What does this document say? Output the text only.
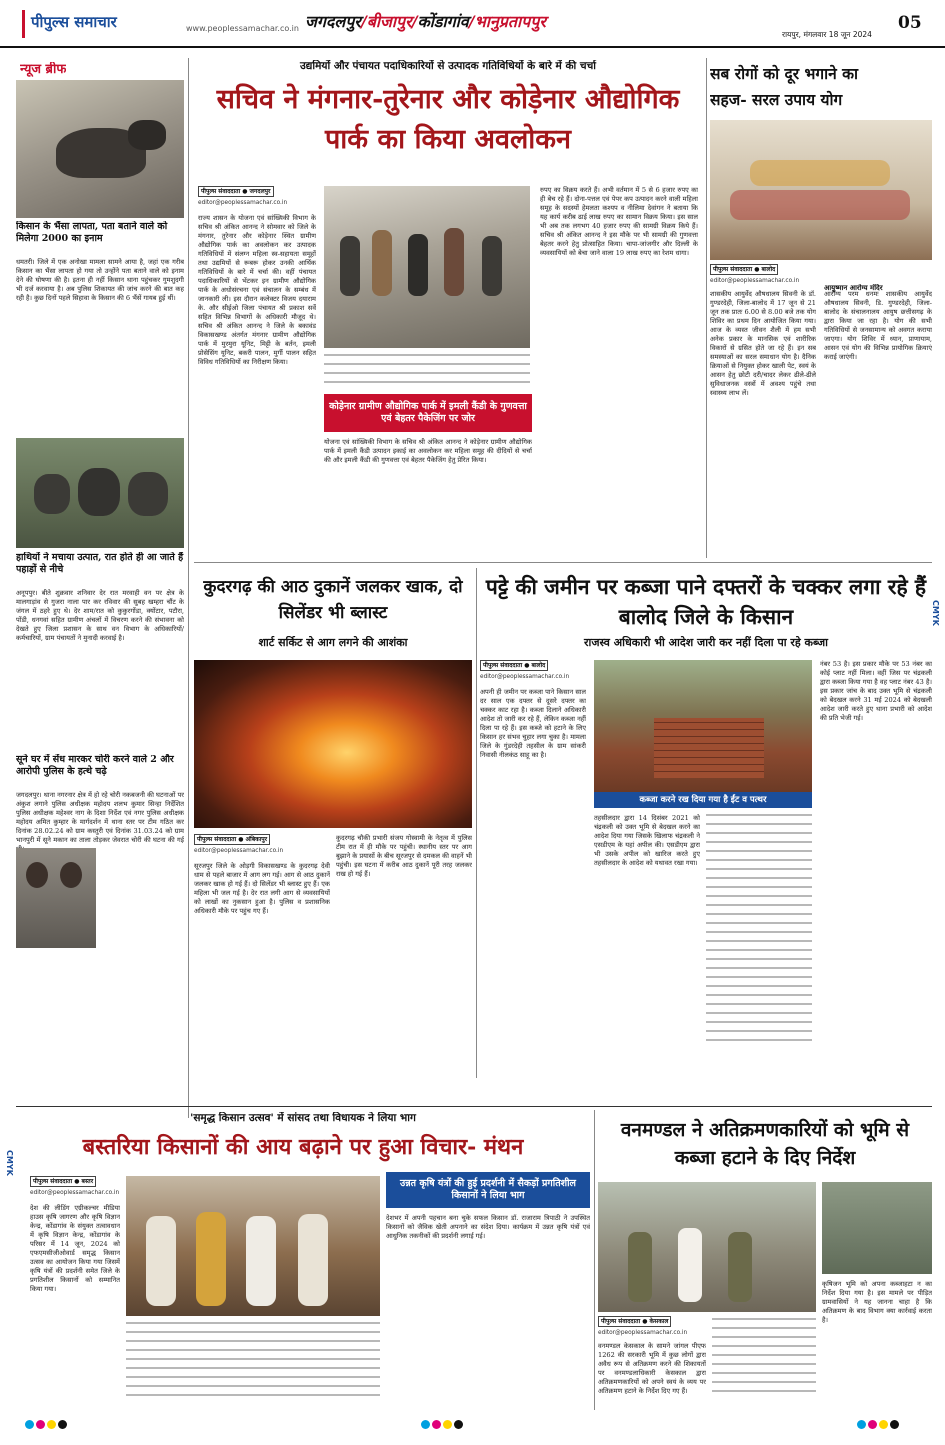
पीपुल्स समाचार	www.peoplessamachar.co.in जगदलपुर/बीजापुर/कोंडागांव/भानुप्रतापपुर
रायपुर, मंगलवार 18 जून 2024
05
न्यूज ब्रीफ
किसान के भैंसा लापता, पता बताने वाले को मिलेगा 2000 का इनाम
धमतरी। जिले में एक अनोखा मामला सामने आया है, जहां एक गरीब किसान का भैंसा लापता हो गया तो उन्होंने पता बताने वाले को इनाम देने की घोषणा की है। इतना ही नहीं किसान थाना पहुंचकर गुमशुदगी भी दर्ज करवाया है। अब पुलिस शिकायत की जांच करने की बात कह रही है। कुछ दिनों पहले सिहावा के किसान की 6 भैंसें गायब हुई थीं।
हाथियों ने मचाया उत्पात, रात होते ही आ जाते हैं पहाड़ों से नीचे
अनूपपुर। बीते शुक्रवार शनिवार देर रात मरवाही वन पर क्षेत्र के मालगाड़ांव से गुजरा नाला पार कर रविवार की सुबह खम्हरा चौंट के जंगल में ठहरे हुए थे। देर शाम/रात को कुकुरगोंडा, क्योंटार, पटौरा, पोंडी, धनगवां सहित ग्रामीण अंचलों में विचरण करने की संभावना को देखते हुए जिला प्रशासन के साथ वन विभाग के अधिकारियों/कर्मचारियों, ग्राम पंचायतों ने मुनादी करवाई है।
सूने घर में सेंध मारकर चोरी करने वाले 2 और आरोपी पुलिस के हत्थे चढ़े
जगदलपुर। थाना नगरनार क्षेत्र में हो रहे चोरी नकबजनी की घटनाओं पर अंकुश लगाने पुलिस अधीक्षक महोदय शलभ कुमार सिन्हा निर्देशित पुलिस अधीक्षक महेश्वर नाग के दिशा निर्देश एवं नगर पुलिस अधीक्षक महोदय अमित कुम्हार के मार्गदर्शन में थाना स्तर पर टीम गठित कर दिनांक 28.02.24 को ग्राम कस्तुरी एवं दिनांक 31.03.24 को ग्राम भानपुरी में सूने मकान का ताला तोड़कर जेवरात चोरी की घटना की गई
उद्यमियों और पंचायत पदाधिकारियों से उत्पादक गतिविधियों के बारे में की चर्चा
सचिव ने मंगनार-तुरेनार और कोड़ेनार औद्योगिक पार्क का किया अवलोकन
पीपुल्स संवाददाता ● जगदलपुर
editor@peoplessamachar.co.in
राज्य शासन के योजना एवं सांख्यिकी विभाग के सचिव श्री अंकित आनन्द ने सोमवार को जिले के मंगनार, तुरेनार और कोड़ेनार स्थित ग्रामीण औद्योगिक पार्क का अवलोकन कर उत्पादक गतिविधियों में संलग्न महिला स्व-सहायता समूहों तथा उद्यमियों से रूबरू होकर उनकी आर्थिक गतिविधियों के बारे में चर्चा की। वहीं पंचायत पदाधिकारियों से भेंटकर इन ग्रामीण औद्योगिक पार्क के अधोसंरचना एवं संचालन के सम्बंध में जानकारी ली। इस दौरान कलेक्टर विजय दयाराम के. और सीईओ जिला पंचायत श्री प्रकाश सर्वे सहित विभिन्न विभागों के अधिकारी मौजूद थे। सचिव श्री अंकित आनन्द ने जिले के बकावंड विकासखण्ड अंतर्गत मंगनार ग्रामीण औद्योगिक पार्क में मुरमुरा यूनिट, मिट्टी के बर्तन, इमली प्रोसेसिंग यूनिट, बकरी पालन, मुर्गी पालन सहित विविध गतिविधियों का निरीक्षण किया।
रुपए का विक्रय करते हैं। अभी वर्तमान में 5 से 6 हजार रुपए का ही बेच रहे हैं। दोना-पत्तल एवं पेपर कप उत्पादन करने वाली महिला समूह के सदस्यों हेमलता कश्यप व नीलिमा देवांगन ने बताया कि यह कार्य करीब ढाई लाख रुपए का सामान विक्रय किया। इस साल भी अब तक लगभग 40 हजार रुपए की सामग्री विक्रय किये हैं। सचिव श्री अंकित आनन्द ने इस मौके पर भी सामग्री की गुणवत्ता बेहतर करने हेतु प्रोत्साहित किया। चापा-जांजगीर और दिल्ली के व्यवसायियों को बेचा जाने वाला 19 लाख रुपए का रेशम धागा।
कोड़ेनार ग्रामीण औद्योगिक पार्क में इमली कैंडी के गुणवत्ता एवं बेहतर पैकेजिंग पर जोर
योजना एवं सांख्यिकी विभाग के सचिव श्री अंकित आनन्द ने कोड़ेनार ग्रामीण औद्योगिक पार्क में इमली कैंडी उत्पादन इकाई का अवलोकन कर महिला समूह की दीदियों से चर्चा की और इमली कैंडी की गुणवत्ता एवं बेहतर पैकेजिंग हेतु प्रेरित किया।
सब रोगों को दूर भगाने का
सहज- सरल उपाय योग
पीपुल्स संवाददाता ● बालोद
editor@peoplessamachar.co.in
शासकीय आयुर्वेद औषधालय सिवनी के डॉ. गुण्डरदेही, जिला-बालोद में 17 जून से 21 जून तक प्रातः 6.00 से 8.00 बजे तक योग शिविर का प्रथम दिन आयोजित किया गया। आज के व्यस्त जीवन शैली में हम सभी अनेक प्रकार के मानसिक एवं शारीरिक विकारों से ग्रसित होते जा रहे हैं। इन सब समस्याओं का सरल समाधान योग है। दैनिक क्रियाओं से नियुक्त होकर खाली पेट, स्वयं के आसन हेतु छोटी दरी/चादर लेकर ढीले-ढीले सुविधाजनक वस्त्रों में अवश्य पहुंचे तथा स्वास्थ्य लाभ लें।
आरोग्य परम धनमः शासकीय आयुर्वेद औषधालय सिवनी, डि. गुण्डरदेही, जिला-बालोद के संचालनालय आयुष छत्तीसगढ़ के द्वारा किया जा रहा है। योग की सभी गतिविधियों से जनसामान्य को अवगत कराया जाएगा। योग शिविर में ध्यान, प्राणायाम, आसन एवं योग की विभिन्न प्रायोगिक क्रियाएं कराई जाएंगी।
आयुष्मान आरोग्य मंदिर
कुदरगढ़ की आठ दुकानें जलकर खाक, दो सिलेंडर भी ब्लास्ट
शार्ट सर्किट से आग लगने की आशंका
पीपुल्स संवाददाता ● अंबिकापुर
editor@peoplessamachar.co.in
सूरजपुर जिले के ओड़गी विकासखण्ड के कुदरगढ़ देवी धाम से पहले बाजार में आग लग गई। आग से आठ दुकानें जलकर खाक हो गई हैं। दो सिलेंडर भी ब्लास्ट हुए हैं। एक महिला भी जल गई है। देर रात लगी आग से व्यवसायियों को लाखों का नुकसान हुआ है। पुलिस व प्रशासनिक अधिकारी मौके पर पहुंच गए हैं।
कुदरगढ़ चौकी प्रभारी संजय गोस्वामी के नेतृत्व में पुलिस टीम रात में ही मौके पर पहुंची। स्थानीय स्तर पर आग बुझाने के प्रयासों के बीच सूरजपुर से दमकल की वाहनें भी पहुंची। इस घटना में करीब आठ दुकानें पूरी तरह जलकर राख हो गई हैं।
पट्टे की जमीन पर कब्जा पाने दफ्तरों के चक्कर लगा रहे हैं बालोद जिले के किसान
राजस्व अधिकारी भी आदेश जारी कर नहीं दिला पा रहे कब्जा
पीपुल्स संवाददाता ● बालोद
editor@peoplessamachar.co.in
अपनी ही जमीन पर कब्जा पाने किसान साल दर साल एक दफ्तर से दूसरे दफ्तर का चक्कर काट रहा है। कब्जा दिलाने अधिकारी आदेश तो जारी कर रहे हैं, लेकिन कब्जा नहीं दिला पा रहे हैं। इस कब्जे को हटाने के लिए किसान हर संभव चुहार लगा चुका है। मामला जिले के गुंडरदेही तहसील के ग्राम सांकरी निवासी नीलकंठ साहू का है।
कब्जा करने रख दिया गया है ईंट व पत्थर
तहसीलदार द्वारा 14 दिसंबर 2021 को चंद्रकली को उक्त भूमि से बेदखल करने का आदेश दिया गया जिसके खिलाफ चंद्रकली ने एसडीएम के यहां अपील की। एसडीएम द्वारा भी उसके अपील को खारिज करते हुए तहसीलदार के आदेश को यथावत रखा गया।
नंबर 53 है। इस प्रकार मौके पर 53 नंबर का कोई प्लाट नहीं मिला। वहीं जिस पर चंद्रकली द्वारा कब्जा किया गया है वह प्लाट नंबर 43 है। इस प्रकार जांच के बाद उक्त भूमि से चंद्रकली को बेदखल करने 31 मई 2024 को बेदखली आदेश जारी करते हुए थाना प्रभारी को आदेश की प्रति भेजी गई।
'समृद्ध किसान उत्सव' में सांसद तथा विधायक ने लिया भाग
बस्तरिया किसानों की आय बढ़ाने पर हुआ विचार- मंथन
पीपुल्स संवाददाता ● बस्तर
editor@peoplessamachar.co.in
देश की लीडिंग एग्रीकल्चर मीडिया हाउस कृषि जागरण और कृषि विज्ञान केन्द्र, कोंडागांव के संयुक्त तत्वावधान में कृषि विज्ञान केन्द्र, कोंडागांव के परिसर में 14 जून, 2024 को एफएमसीजीओवार्ड समृद्ध किसान उत्सव का आयोजन किया गया जिसमें कृषि यंत्रों की प्रदर्शनी समेत जिले के प्रगतिशील किसानों को सम्मानित किया गया।
उन्नत कृषि यंत्रों की हुई प्रदर्शनी में सैकड़ों प्रगतिशील किसानों ने लिया भाग
देशभर में अपनी पहचान बना चुके सफल किसान डॉ. राजाराम त्रिपाठी ने उपस्थित किसानों को जैविक खेती अपनाने का संदेश दिया। कार्यक्रम में उन्नत कृषि यंत्रों एवं आधुनिक तकनीकों की प्रदर्शनी लगाई गई।
वनमण्डल ने अतिक्रमणकारियों को भूमि से कब्जा हटाने के दिए निर्देश
पीपुल्स संवाददाता ● केसकाल
editor@peoplessamachar.co.in
वनमण्डल केसकाल के सामने जांगल पीएफ 1262 की सरकारी भूमि में कुछ लोगों द्वारा अवैध रूप से अतिक्रमण करने की शिकायतों पर वनमण्डलाधिकारी केसकाल द्वारा अतिक्रमणकारियों को अपने स्वयं के व्यय पर अतिक्रमण हटाने के निर्देश दिए गए हैं।
कृषिजन भूमि को अपना कब्जाहटा न का निर्देश दिया गया है। इस मामले पर पीड़ित ग्रामवासियों ने यह जानना चाहा है कि अतिक्रमण के बाद विभाग क्या कार्रवाई करता है।
CMYK
CMYK
